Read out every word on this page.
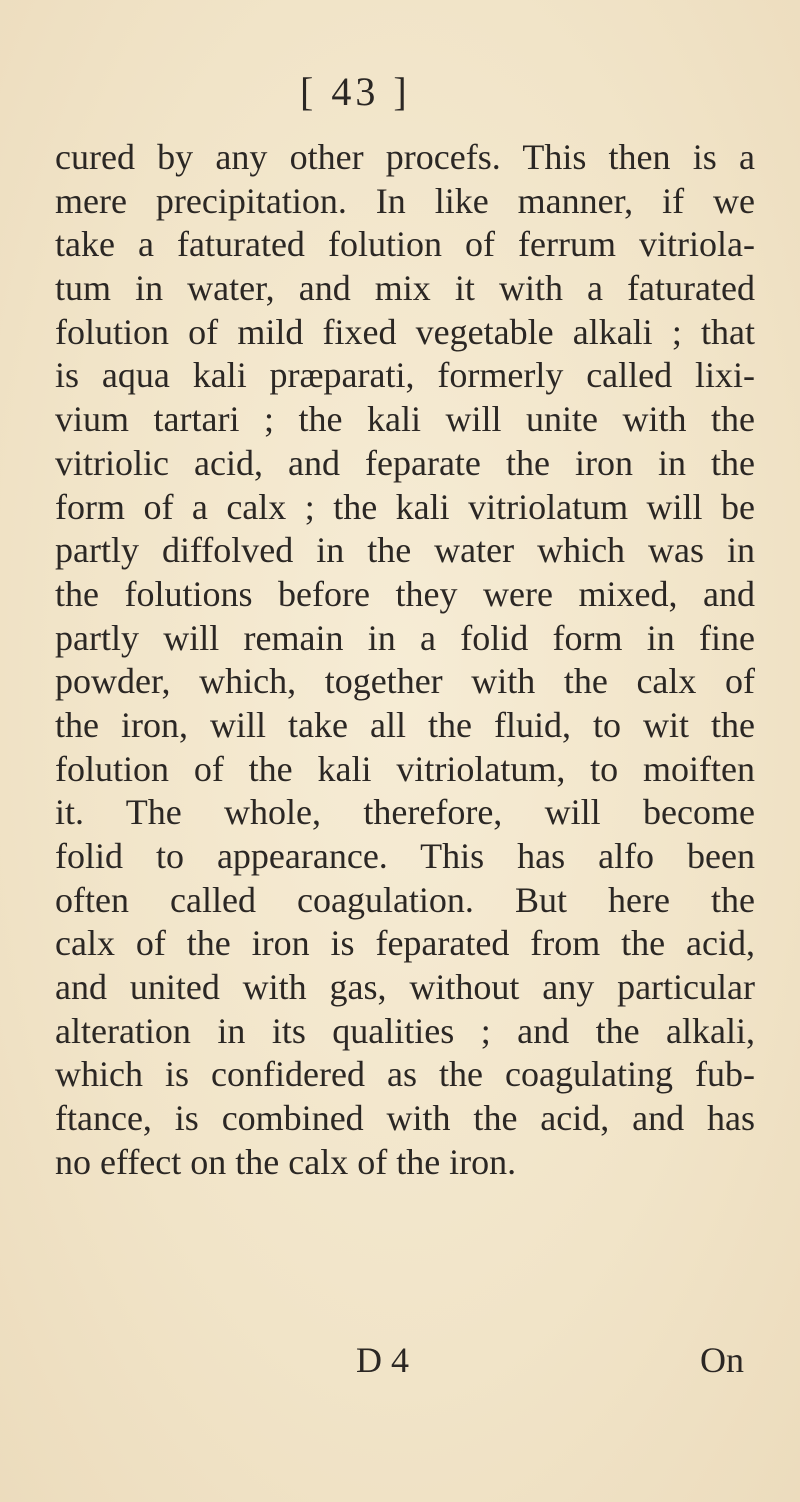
[ 43 ]
cured by any other procefs. This then is a
mere precipitation. In like manner, if we
take a faturated folution of ferrum vitriola-
tum in water, and mix it with a faturated
folution of mild fixed vegetable alkali ; that
is aqua kali præparati, formerly called lixi-
vium tartari ; the kali will unite with the
vitriolic acid, and feparate the iron in the
form of a calx ; the kali vitriolatum will be
partly diffolved in the water which was in
the folutions before they were mixed, and
partly will remain in a folid form in fine
powder, which, together with the calx of
the iron, will take all the fluid, to wit the
folution of the kali vitriolatum, to moiften
it. The whole, therefore, will become
folid to appearance. This has alfo been
often called coagulation. But here the
calx of the iron is feparated from the acid,
and united with gas, without any particular
alteration in its qualities ; and the alkali,
which is confidered as the coagulating fub-
ftance, is combined with the acid, and has
no effect on the calx of the iron.
D 4	On
